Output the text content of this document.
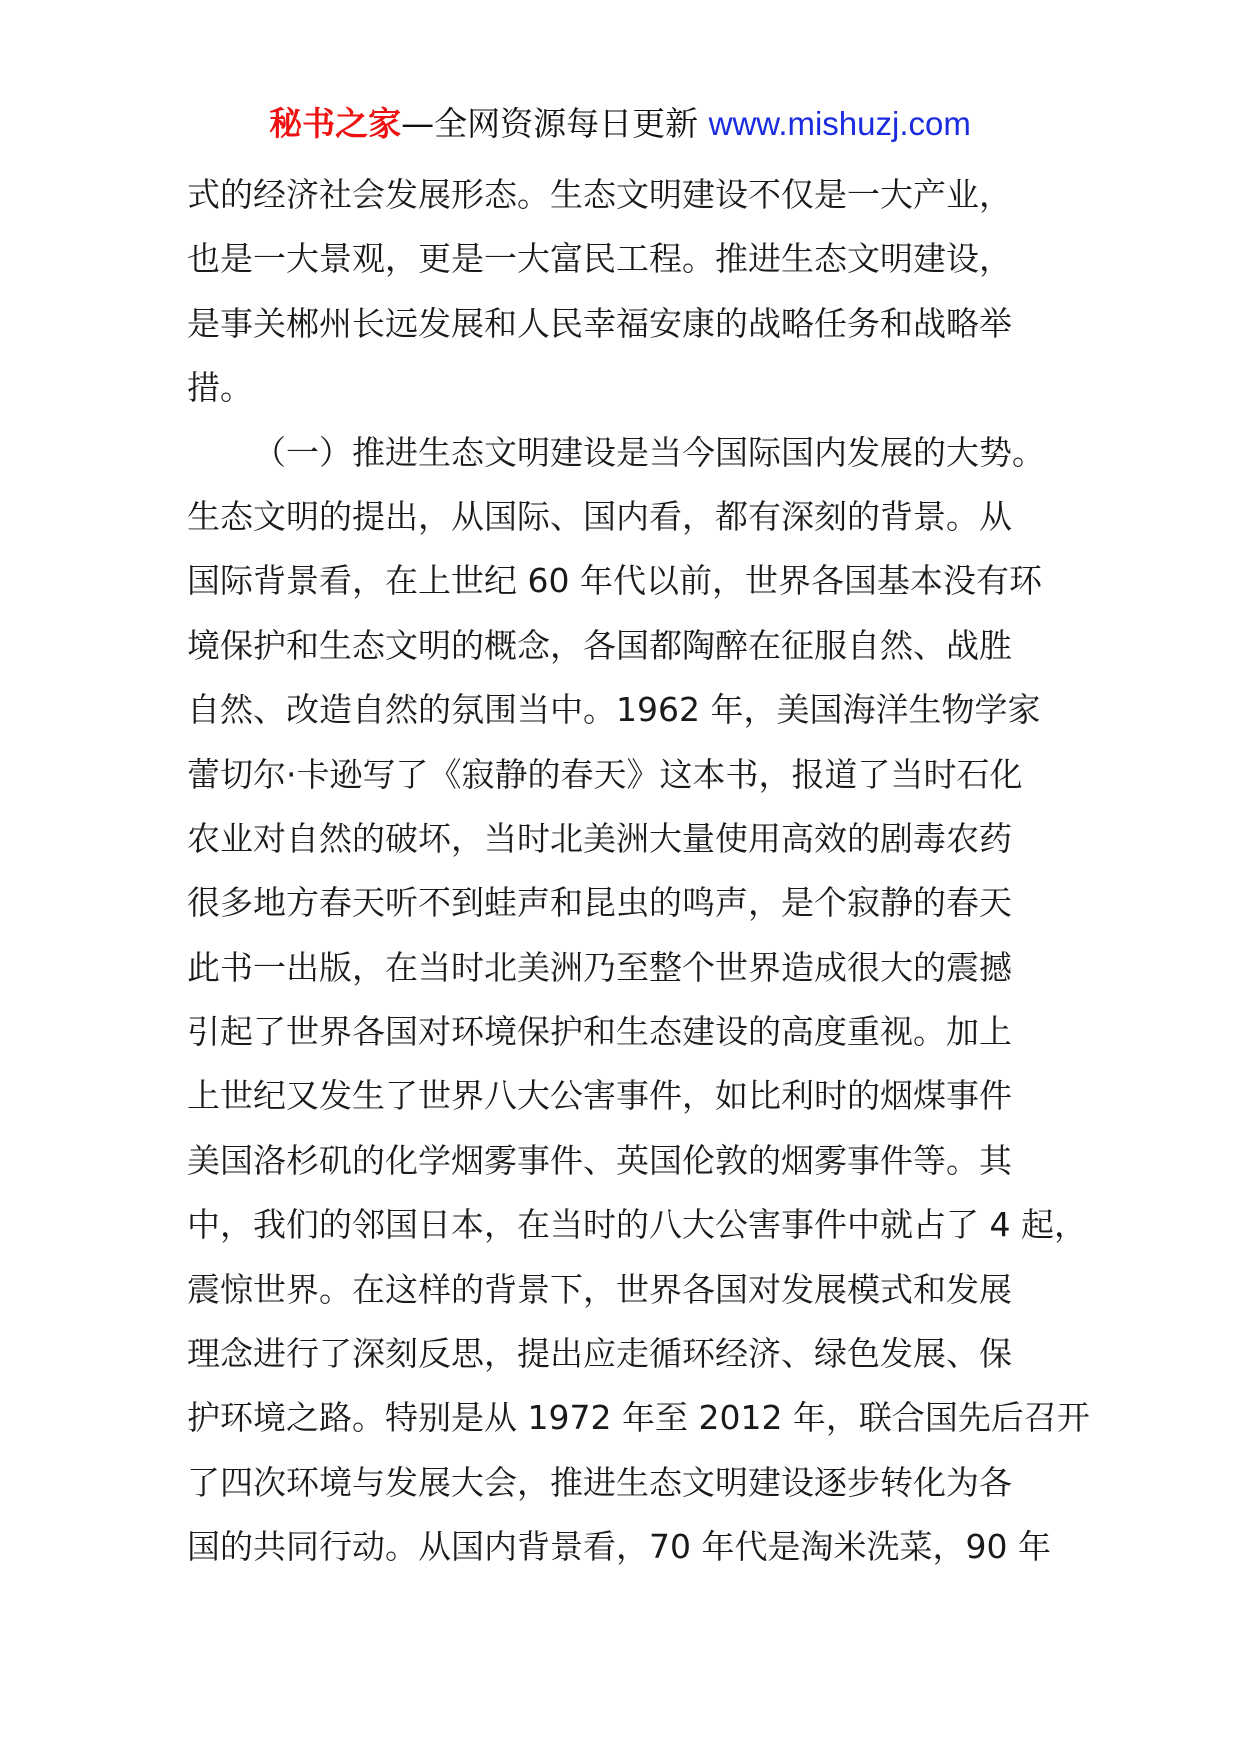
秘书之家—全网资源每日更新 www.mishuzj.com
式的经济社会发展形态。生态文明建设不仅是一大产业，
也是一大景观，更是一大富民工程。推进生态文明建设，
是事关郴州长远发展和人民幸福安康的战略任务和战略举
措。
（一）推进生态文明建设是当今国际国内发展的大势。
生态文明的提出，从国际、国内看，都有深刻的背景。从
国际背景看，在上世纪 60 年代以前，世界各国基本没有环
境保护和生态文明的概念，各国都陶醉在征服自然、战胜
自然、改造自然的氛围当中。1962 年，美国海洋生物学家
蕾切尔·卡逊写了《寂静的春天》这本书，报道了当时石化
农业对自然的破坏，当时北美洲大量使用高效的剧毒农药
很多地方春天听不到蛙声和昆虫的鸣声，是个寂静的春天
此书一出版，在当时北美洲乃至整个世界造成很大的震撼
引起了世界各国对环境保护和生态建设的高度重视。加上
上世纪又发生了世界八大公害事件，如比利时的烟煤事件
美国洛杉矶的化学烟雾事件、英国伦敦的烟雾事件等。其
中，我们的邻国日本，在当时的八大公害事件中就占了 4 起，
震惊世界。在这样的背景下，世界各国对发展模式和发展
理念进行了深刻反思，提出应走循环经济、绿色发展、保
护环境之路。特别是从 1972 年至 2012 年，联合国先后召开
了四次环境与发展大会，推进生态文明建设逐步转化为各
国的共同行动。从国内背景看，70 年代是淘米洗菜，90 年
